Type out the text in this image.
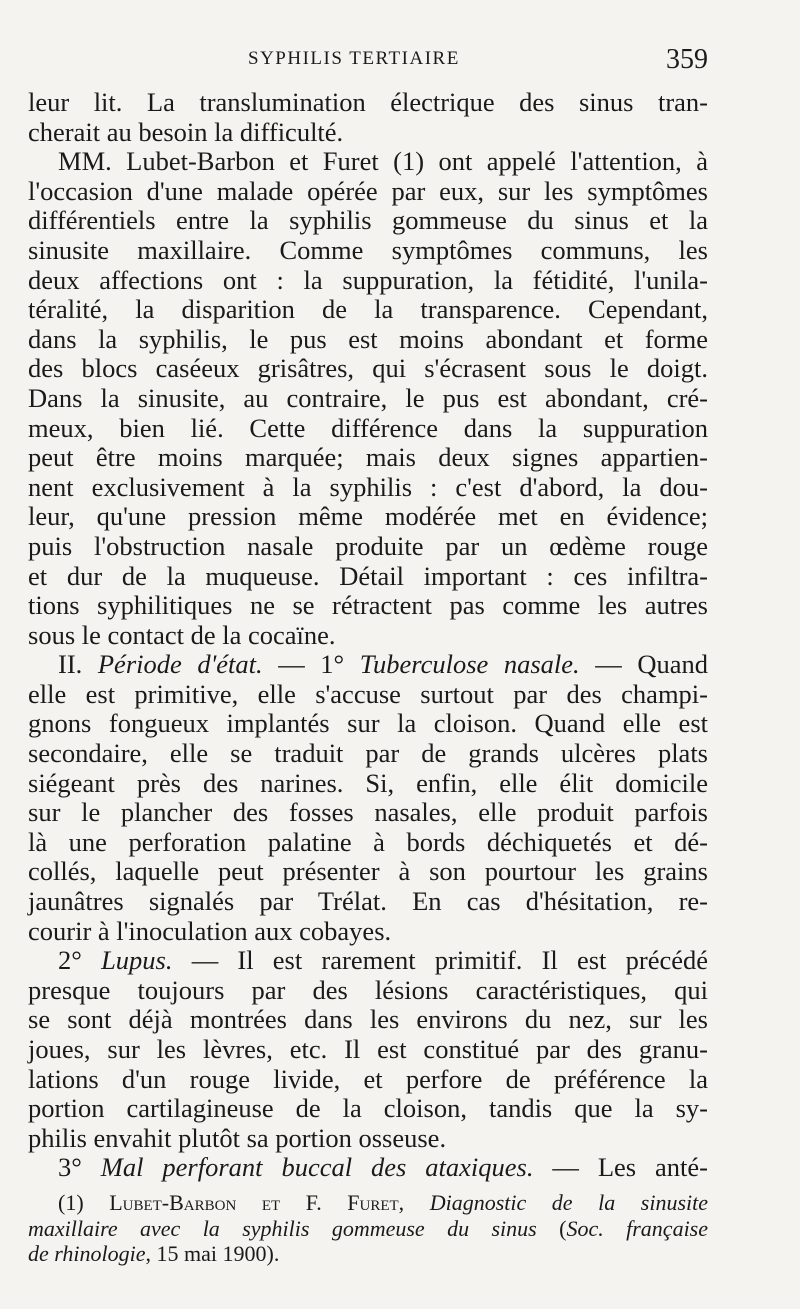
SYPHILIS TERTIAIRE	359
leur lit. La translumination électrique des sinus tran-
cherait au besoin la difficulté.
MM. Lubet-Barbon et Furet (1) ont appelé l'attention, à
l'occasion d'une malade opérée par eux, sur les symptômes
différentiels entre la syphilis gommeuse du sinus et la
sinusite maxillaire. Comme symptômes communs, les
deux affections ont : la suppuration, la fétidité, l'unila-
téralité, la disparition de la transparence. Cependant,
dans la syphilis, le pus est moins abondant et forme
des blocs caséeux grisâtres, qui s'écrasent sous le doigt.
Dans la sinusite, au contraire, le pus est abondant, cré-
meux, bien lié. Cette différence dans la suppuration
peut être moins marquée; mais deux signes appartien-
nent exclusivement à la syphilis : c'est d'abord, la dou-
leur, qu'une pression même modérée met en évidence;
puis l'obstruction nasale produite par un œdème rouge
et dur de la muqueuse. Détail important : ces infiltra-
tions syphilitiques ne se rétractent pas comme les autres
sous le contact de la cocaïne.
II. Période d'état. — 1° Tuberculose nasale. — Quand
elle est primitive, elle s'accuse surtout par des champi-
gnons fongueux implantés sur la cloison. Quand elle est
secondaire, elle se traduit par de grands ulcères plats
siégeant près des narines. Si, enfin, elle élit domicile
sur le plancher des fosses nasales, elle produit parfois
là une perforation palatine à bords déchiquetés et dé-
collés, laquelle peut présenter à son pourtour les grains
jaunâtres signalés par Trélat. En cas d'hésitation, re-
courir à l'inoculation aux cobayes.
2° Lupus. — Il est rarement primitif. Il est précédé
presque toujours par des lésions caractéristiques, qui
se sont déjà montrées dans les environs du nez, sur les
joues, sur les lèvres, etc. Il est constitué par des granu-
lations d'un rouge livide, et perfore de préférence la
portion cartilagineuse de la cloison, tandis que la sy-
philis envahit plutôt sa portion osseuse.
3° Mal perforant buccal des ataxiques. — Les anté-
(1) Lubet-Barbon et F. Furet, Diagnostic de la sinusite
maxillaire avec la syphilis gommeuse du sinus (Soc. française
de rhinologie, 15 mai 1900).
